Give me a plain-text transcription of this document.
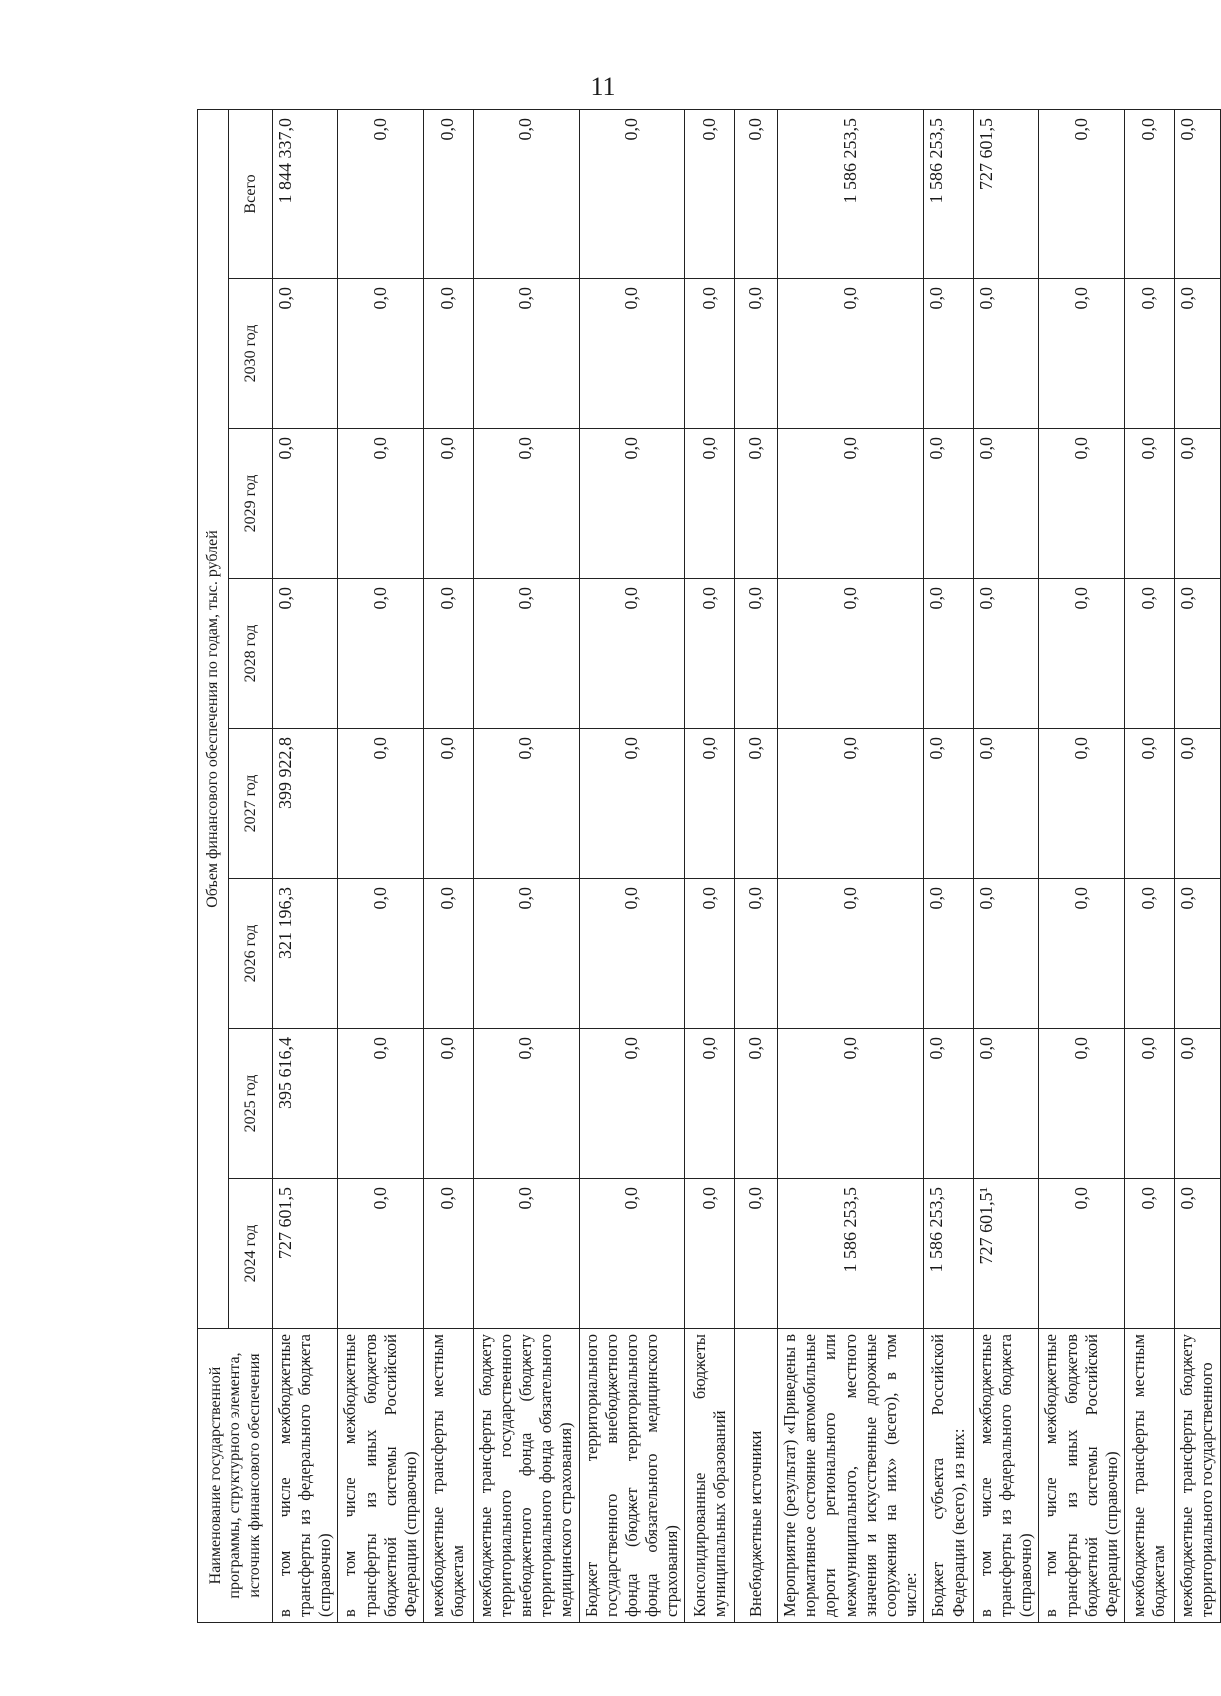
11
Наименование государственной программы, структурного элемента, источник финансового обеспечения	Объем финансового обеспечения по годам, тыс. рублей							
	2024 год	2025 год	2026 год	2027 год	2028 год	2029 год	2030 год	Всего
в том числе межбюджетные трансферты из федерального бюджета (справочно)	727 601,5	395 616,4	321 196,3	399 922,8	0,0	0,0	0,0	1 844 337,0
в том числе межбюджетные трансферты из иных бюджетов бюджетной системы Российской Федерации (справочно)	0,0	0,0	0,0	0,0	0,0	0,0	0,0	0,0
межбюджетные трансферты местным бюджетам	0,0	0,0	0,0	0,0	0,0	0,0	0,0	0,0
межбюджетные трансферты бюджету территориального государственного внебюджетного фонда (бюджету территориального фонда обязательного медицинского страхования)	0,0	0,0	0,0	0,0	0,0	0,0	0,0	0,0
Бюджет территориального государственного внебюджетного фонда (бюджет территориального фонда обязательного медицинского страхования)	0,0	0,0	0,0	0,0	0,0	0,0	0,0	0,0
Консолидированные бюджеты муниципальных образований	0,0	0,0	0,0	0,0	0,0	0,0	0,0	0,0
Внебюджетные источники	0,0	0,0	0,0	0,0	0,0	0,0	0,0	0,0
Мероприятие (результат) «Приведены в нормативное состояние автомобильные дороги регионального или межмуниципального, местного значения и искусственные дорожные сооружения на них» (всего), в том числе:	1 586 253,5	0,0	0,0	0,0	0,0	0,0	0,0	1 586 253,5
Бюджет субъекта Российской Федерации (всего), из них:	1 586 253,5	0,0	0,0	0,0	0,0	0,0	0,0	1 586 253,5
в том числе межбюджетные трансферты из федерального бюджета (справочно)	727 601,5¹	0,0	0,0	0,0	0,0	0,0	0,0	727 601,5
в том числе межбюджетные трансферты из иных бюджетов бюджетной системы Российской Федерации (справочно)	0,0	0,0	0,0	0,0	0,0	0,0	0,0	0,0
межбюджетные трансферты местным бюджетам	0,0	0,0	0,0	0,0	0,0	0,0	0,0	0,0
межбюджетные трансферты бюджету территориального государственного	0,0	0,0	0,0	0,0	0,0	0,0	0,0	0,0
